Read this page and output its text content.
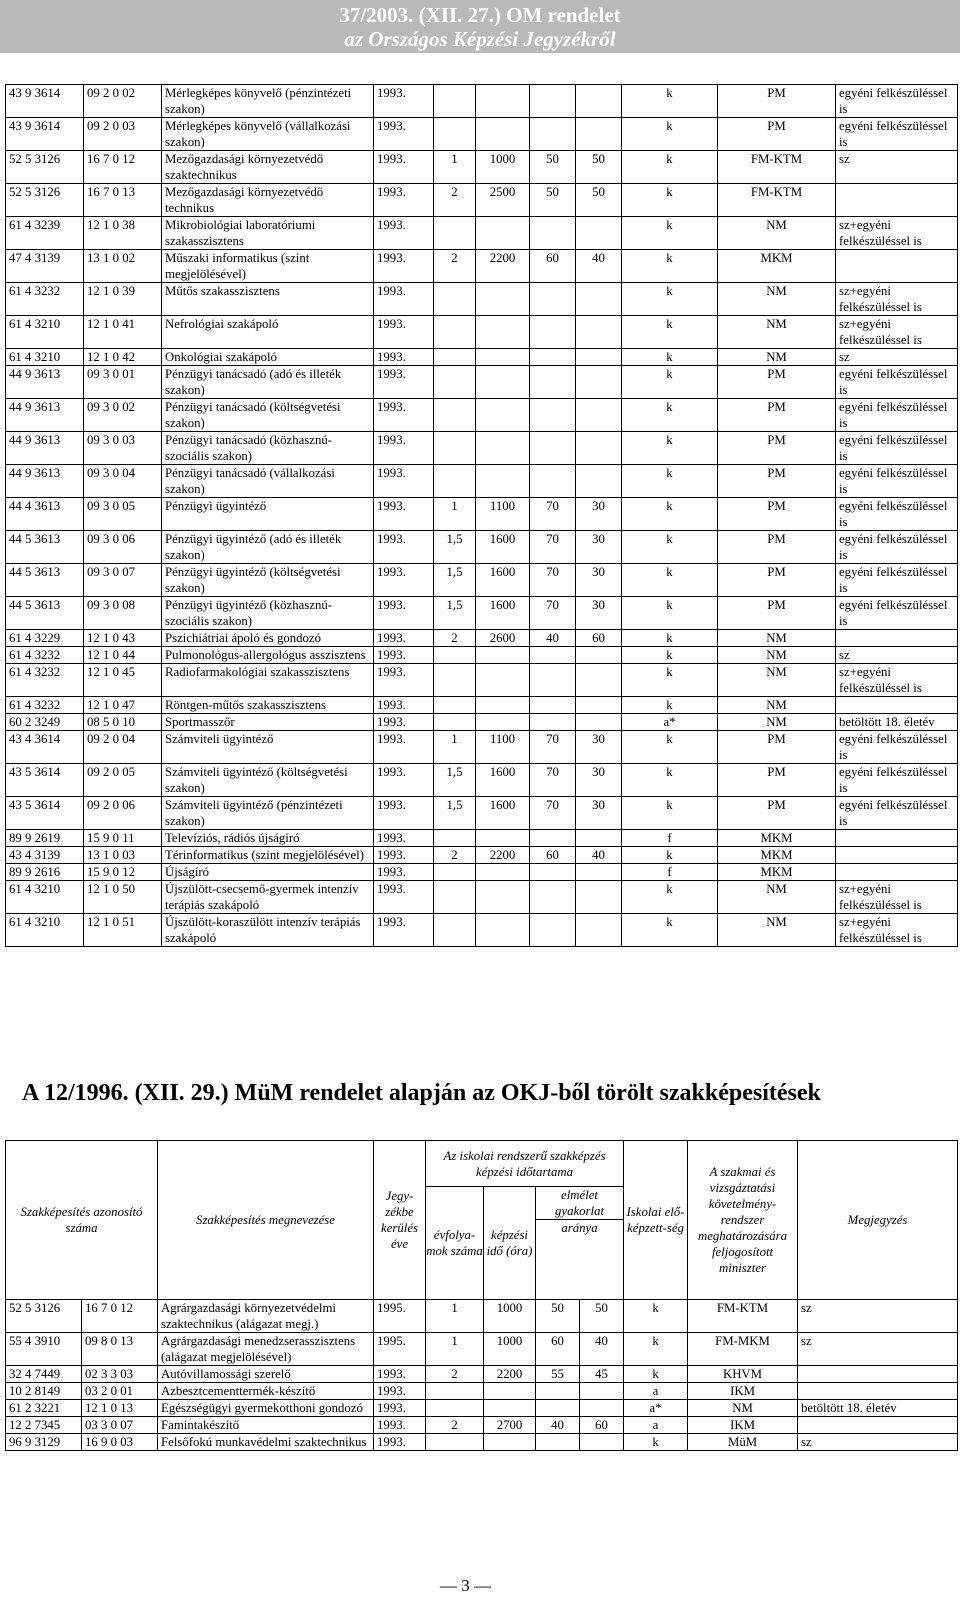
37/2003. (XII. 27.) OM rendelet
az Országos Képzési Jegyzékről
43 9 3614	09 2 0 02	Mérlegképes könyvelő (pénzintézeti szakon)	1993.					k	PM	egyéni felkészüléssel is
43 9 3614	09 2 0 03	Mérlegképes könyvelő (vállalkozási szakon)	1993.					k	PM	egyéni felkészüléssel is
52 5 3126	16 7 0 12	Mezőgazdasági környezetvédő szaktechnikus	1993.	1	1000	50	50	k	FM-KTM	sz
52 5 3126	16 7 0 13	Mezőgazdasági környezetvédő technikus	1993.	2	2500	50	50	k	FM-KTM	
61 4 3239	12 1 0 38	Mikrobiológiai laboratóriumi szakasszisztens	1993.					k	NM	sz+egyéni felkészüléssel is
47 4 3139	13 1 0 02	Műszaki informatikus (szint megjelölésével)	1993.	2	2200	60	40	k	MKM	
61 4 3232	12 1 0 39	Műtős szakasszisztens	1993.					k	NM	sz+egyéni felkészüléssel is
61 4 3210	12 1 0 41	Nefrológiai szakápoló	1993.					k	NM	sz+egyéni felkészüléssel is
61 4 3210	12 1 0 42	Onkológiai szakápoló	1993.					k	NM	sz
44 9 3613	09 3 0 01	Pénzügyi tanácsadó (adó és illeték szakon)	1993.					k	PM	egyéni felkészüléssel is
44 9 3613	09 3 0 02	Pénzügyi tanácsadó (költségvetési szakon)	1993.					k	PM	egyéni felkészüléssel is
44 9 3613	09 3 0 03	Pénzügyi tanácsadó (közhasznú-szociális szakon)	1993.					k	PM	egyéni felkészüléssel is
44 9 3613	09 3 0 04	Pénzügyi tanácsadó (vállalkozási szakon)	1993.					k	PM	egyéni felkészüléssel is
44 4 3613	09 3 0 05	Pénzügyi ügyintéző	1993.	1	1100	70	30	k	PM	egyéni felkészüléssel is
44 5 3613	09 3 0 06	Pénzügyi ügyintéző (adó és illeték szakon)	1993.	1,5	1600	70	30	k	PM	egyéni felkészüléssel is
44 5 3613	09 3 0 07	Pénzügyi ügyintéző (költségvetési szakon)	1993.	1,5	1600	70	30	k	PM	egyéni felkészüléssel is
44 5 3613	09 3 0 08	Pénzügyi ügyintéző (közhasznú-szociális szakon)	1993.	1,5	1600	70	30	k	PM	egyéni felkészüléssel is
61 4 3229	12 1 0 43	Pszichiátriai ápoló és gondozó	1993.	2	2600	40	60	k	NM	
61 4 3232	12 1 0 44	Pulmonológus-allergológus asszisztens	1993.					k	NM	sz
61 4 3232	12 1 0 45	Radiofarmakológiai szakasszisztens	1993.					k	NM	sz+egyéni felkészüléssel is
61 4 3232	12 1 0 47	Röntgen-műtős szakasszisztens	1993.					k	NM	
60 2 3249	08 5 0 10	Sportmasszőr	1993.					a*	NM	betöltött 18. életév
43 4 3614	09 2 0 04	Számviteli ügyintéző	1993.	1	1100	70	30	k	PM	egyéni felkészüléssel is
43 5 3614	09 2 0 05	Számviteli ügyintéző (költségvetési szakon)	1993.	1,5	1600	70	30	k	PM	egyéni felkészüléssel is
43 5 3614	09 2 0 06	Számviteli ügyintéző (pénzintézeti szakon)	1993.	1,5	1600	70	30	k	PM	egyéni felkészüléssel is
89 9 2619	15 9 0 11	Televíziós, rádiós újságíró	1993.					f	MKM	
43 4 3139	13 1 0 03	Térinformatikus (szint megjelölésével)	1993.	2	2200	60	40	k	MKM	
89 9 2616	15 9 0 12	Újságíró	1993.					f	MKM	
61 4 3210	12 1 0 50	Újszülött-csecsemő-gyermek intenzív terápiás szakápoló	1993.					k	NM	sz+egyéni felkészüléssel is
61 4 3210	12 1 0 51	Újszülött-koraszülött intenzív terápiás szakápoló	1993.					k	NM	sz+egyéni felkészüléssel is
A 12/1996. (XII. 29.) MüM rendelet alapján az OKJ-ből törölt szakképesítések
Szakképesítés azonosító száma		Szakképesítés megnevezése	Jegy-zékbe kerülés éve	Az iskolai rendszerű szakképzés képzési időtartama				Iskolai elő-képzett-ség	A szakmai és vizsgáztatási követelmény-rendszer meghatározására feljogosított miniszter	Megjegyzés
				évfolya-mok száma	képzési idő (óra)	elmélet gyakorlat				
						aránya				
52 5 3126	16 7 0 12	Agrárgazdasági környezetvédelmi szaktechnikus (alágazat megj.)	1995.	1	1000	50	50	k	FM-KTM	sz
55 4 3910	09 8 0 13	Agrárgazdasági menedzserasszisztens (alágazat megjelölésével)	1995.	1	1000	60	40	k	FM-MKM	sz
32 4 7449	02 3 3 03	Autóvillamossági szerelő	1993.	2	2200	55	45	k	KHVM	
10 2 8149	03 2 0 01	Azbesztcementtermék-készítő	1993.					a	IKM	
61 2 3221	12 1 0 13	Egészségügyi gyermekotthoni gondozó	1993.					a*	NM	betöltött 18. életév
12 2 7345	03 3 0 07	Famintakészítő	1993.	2	2700	40	60	a	IKM	
96 9 3129	16 9 0 03	Felsőfokú munkavédelmi szaktechnikus	1993.					k	MüM	sz
— 3 —
